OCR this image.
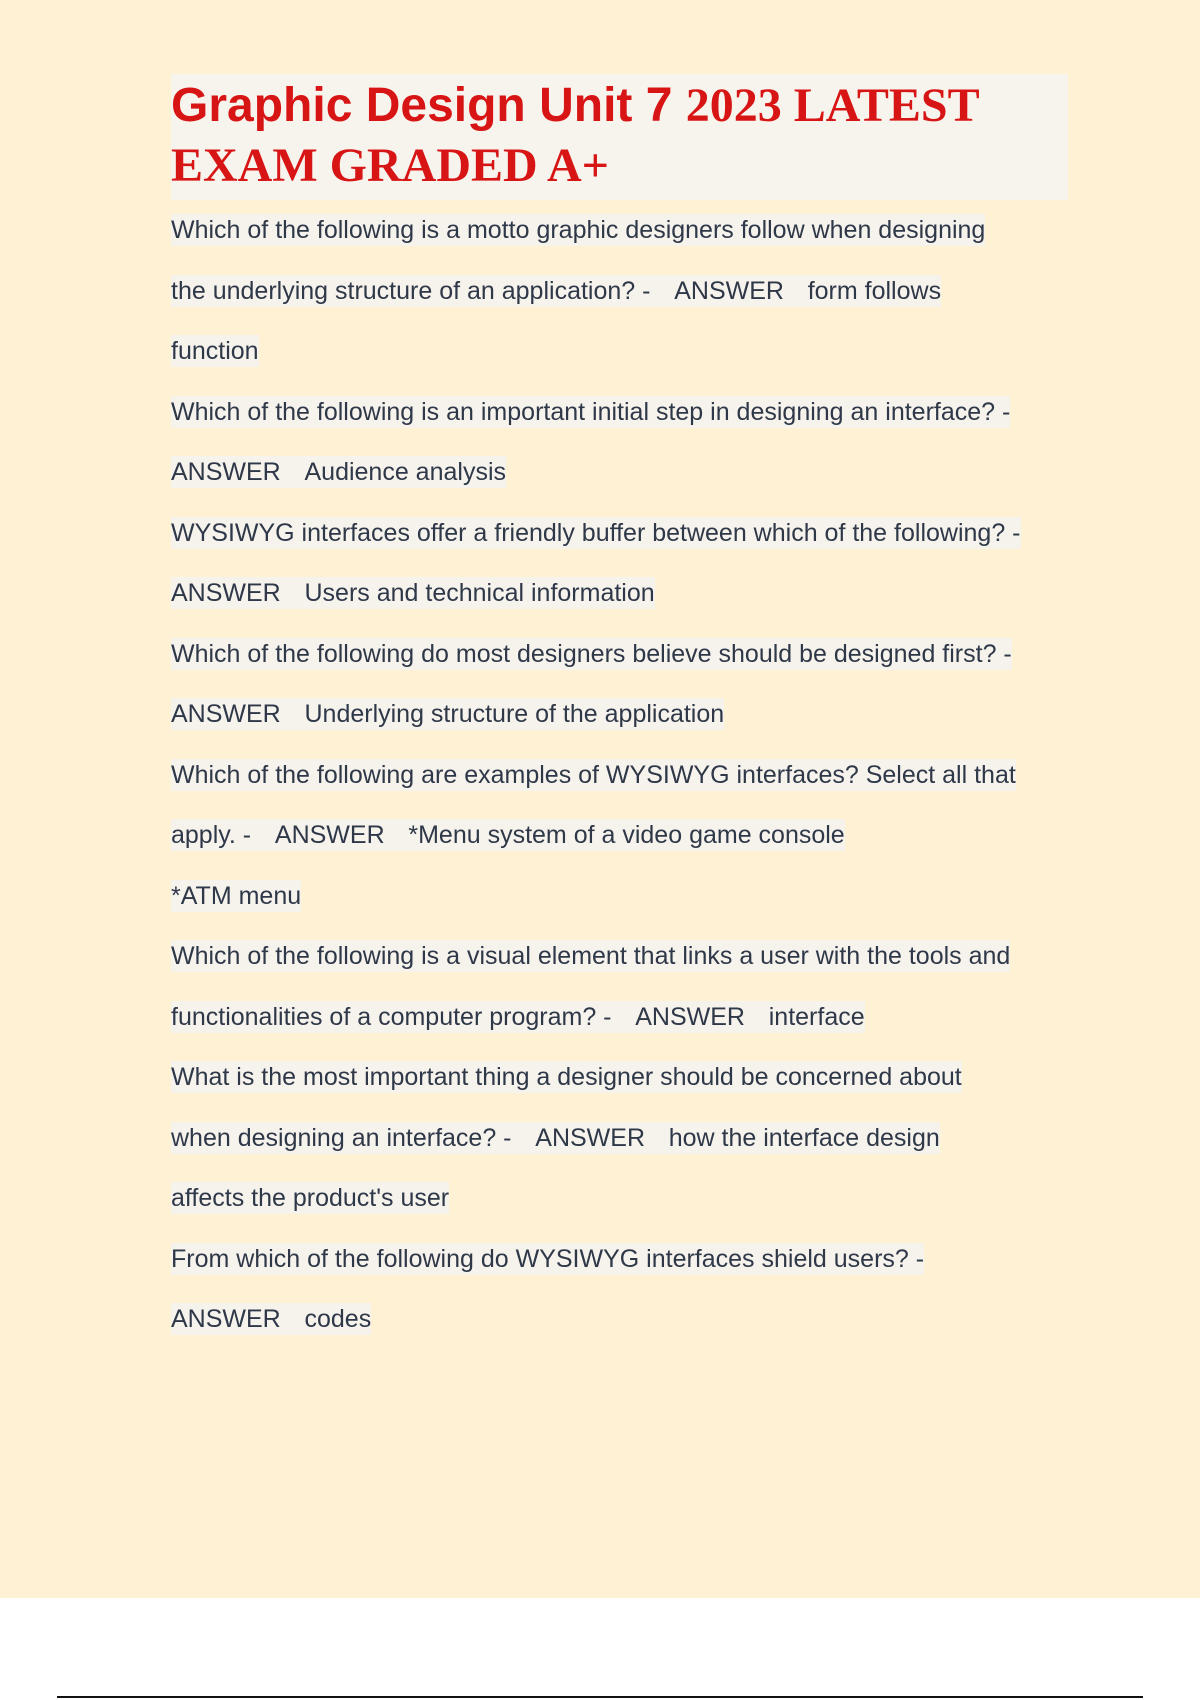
Graphic Design Unit 7 2023 LATEST
EXAM GRADED A+
Which of the following is a motto graphic designers follow when designing
the underlying structure of an application? - ANSWER form follows
function
Which of the following is an important initial step in designing an interface? -
ANSWER Audience analysis
WYSIWYG interfaces offer a friendly buffer between which of the following? -
ANSWER Users and technical information
Which of the following do most designers believe should be designed first? -
ANSWER Underlying structure of the application
Which of the following are examples of WYSIWYG interfaces? Select all that
apply. - ANSWER *Menu system of a video game console
*ATM menu
Which of the following is a visual element that links a user with the tools and
functionalities of a computer program? - ANSWER interface
What is the most important thing a designer should be concerned about
when designing an interface? - ANSWER how the interface design
affects the product's user
From which of the following do WYSIWYG interfaces shield users? -
ANSWER codes
